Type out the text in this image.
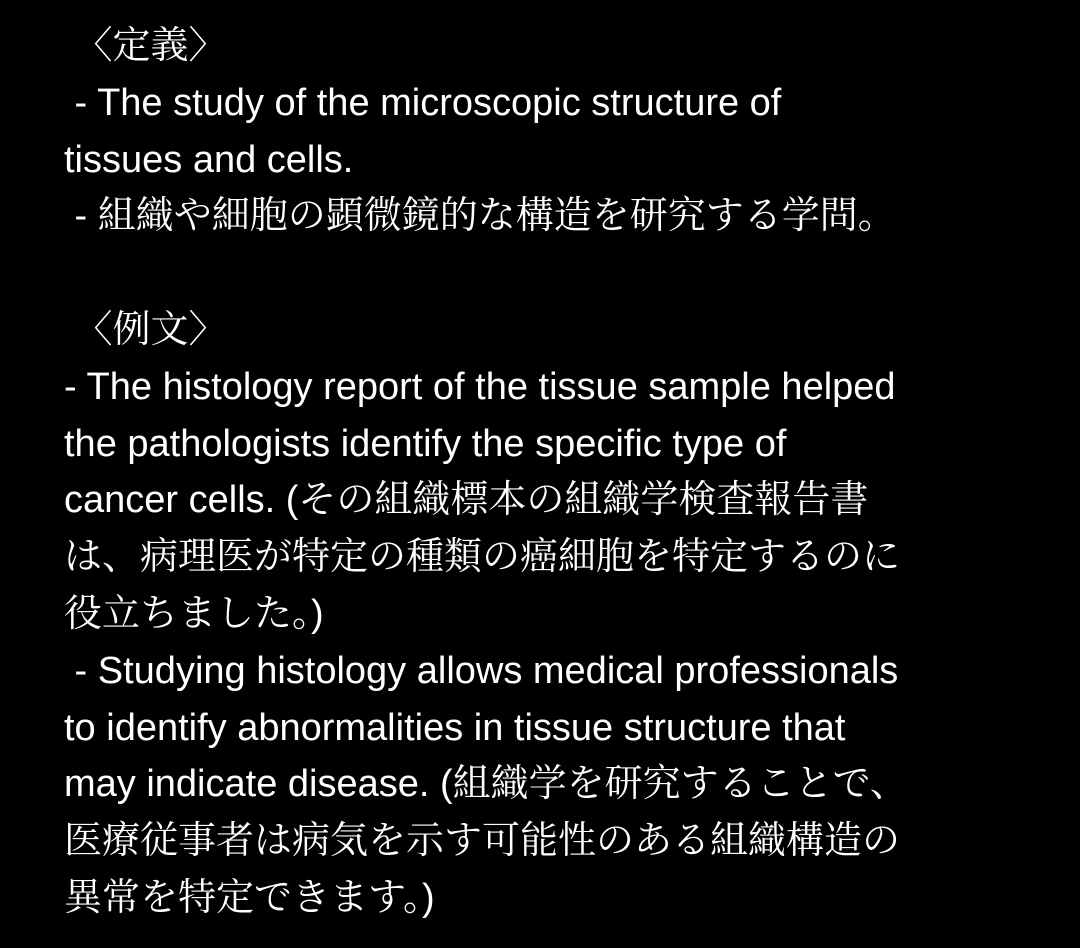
〈定義〉
- The study of the microscopic structure of
tissues and cells.
- 組織や細胞の顕微鏡的な構造を研究する学問。
〈例文〉
- The histology report of the tissue sample helped
the pathologists identify the specific type of
cancer cells. (その組織標本の組織学検査報告書
は、病理医が特定の種類の癌細胞を特定するのに
役立ちました。)
- Studying histology allows medical professionals
to identify abnormalities in tissue structure that
may indicate disease. (組織学を研究することで、
医療従事者は病気を示す可能性のある組織構造の
異常を特定できます。)
